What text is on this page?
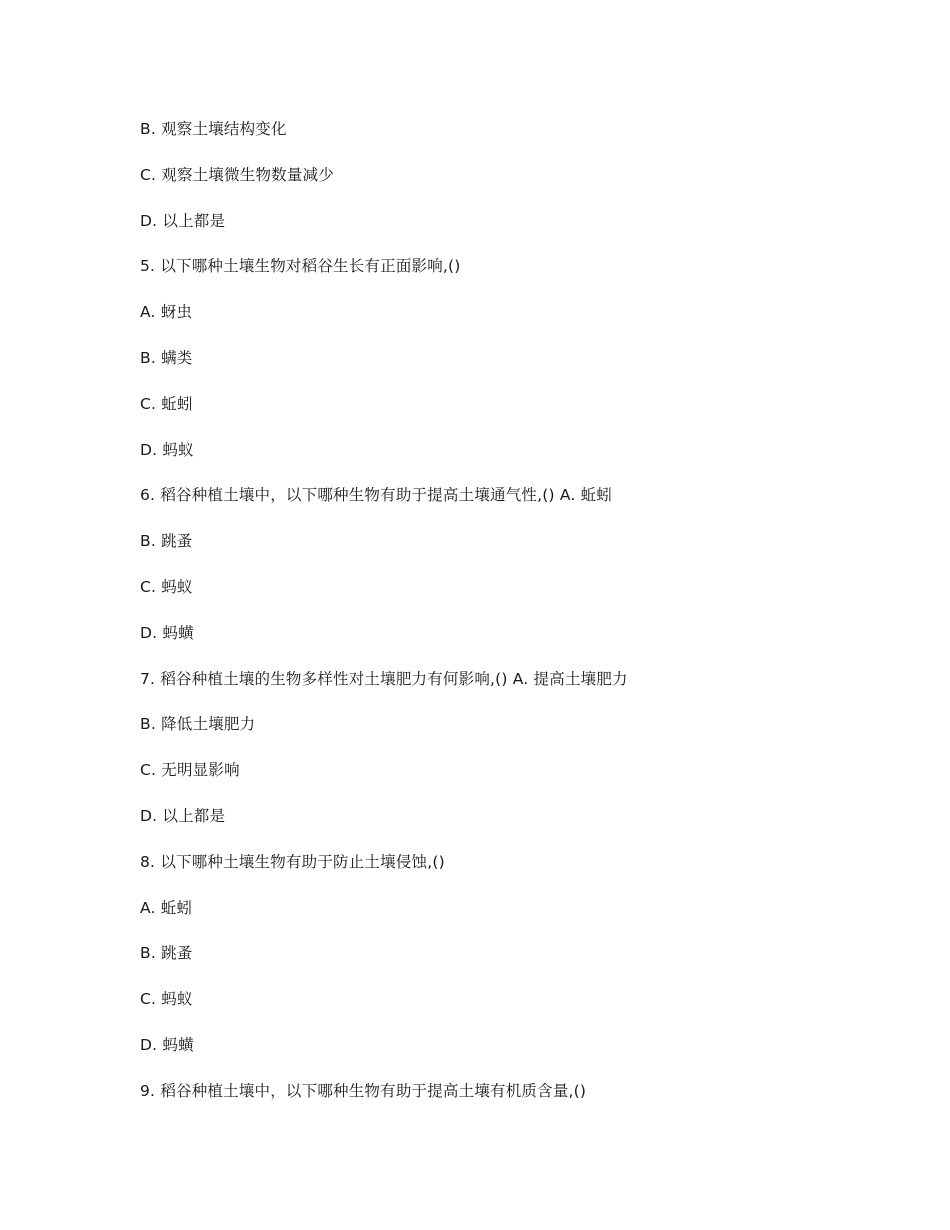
B. 观察土壤结构变化
C. 观察土壤微生物数量减少
D. 以上都是
5. 以下哪种土壤生物对稻谷生长有正面影响,()
A. 蚜虫
B. 螨类
C. 蚯蚓
D. 蚂蚁
6. 稻谷种植土壤中，以下哪种生物有助于提高土壤通气性,() A. 蚯蚓
B. 跳蚤
C. 蚂蚁
D. 蚂蟥
7. 稻谷种植土壤的生物多样性对土壤肥力有何影响,() A. 提高土壤肥力
B. 降低土壤肥力
C. 无明显影响
D. 以上都是
8. 以下哪种土壤生物有助于防止土壤侵蚀,()
A. 蚯蚓
B. 跳蚤
C. 蚂蚁
D. 蚂蟥
9. 稻谷种植土壤中，以下哪种生物有助于提高土壤有机质含量,()
